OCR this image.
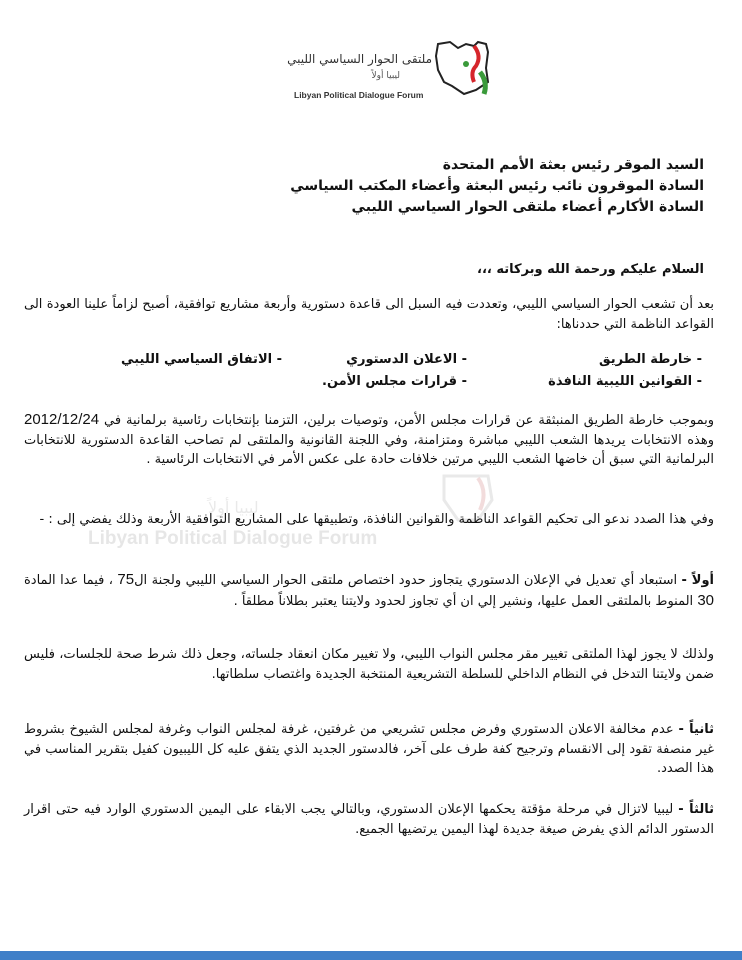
ملتقى الحوار السياسي الليبي
ليبيا أولاً
Libyan Political Dialogue Forum
ليبيا أولاً
Libyan Political Dialogue Forum
السيد الموقر رئيس بعثة الأمم المتحدة
السادة الموقرون نائب رئيس البعثة وأعضاء المكتب السياسي
السادة الأكارم أعضاء ملتقى الحوار السياسي الليبي
السلام عليكم ورحمة الله وبركاته ،،،
بعد أن تشعب الحوار السياسي الليبي، وتعددت فيه السبل الى قاعدة دستورية وأربعة مشاريع توافقية، أصبح لزاماً علينا العودة الى القواعد الناظمة التي حددناها:
- خارطة الطريق
- الاعلان الدستوري
- الاتفاق السياسي الليبي
- القوانين الليبية النافذة
- قرارات مجلس الأمن.
وبموجب خارطة الطريق المنبثقة عن قرارات مجلس الأمن، وتوصيات برلين، التزمنا بإنتخابات رئاسية برلمانية في 2012/12/24 وهذه الانتخابات يريدها الشعب الليبي مباشرة ومتزامنة، وفي اللجنة القانونية والملتقى لم تصاحب القاعدة الدستورية للانتخابات البرلمانية التي سبق أن خاضها الشعب الليبي مرتين خلافات حادة على عكس الأمر في الانتخابات الرئاسية .
وفي هذا الصدد ندعو الى تحكيم القواعد الناظمة والقوانين النافذة، وتطبيقها على المشاريع التوافقية الأربعة وذلك يفضي إلى : -
أولاً - استبعاد أي تعديل في الإعلان الدستوري يتجاوز حدود اختصاص ملتقى الحوار السياسي الليبي ولجنة ال75 ، فيما عدا المادة 30 المنوط بالملتقى العمل عليها، ونشير إلي ان أي تجاوز لحدود ولايتنا يعتبر بطلاناً مطلقاً .
ولذلك لا يجوز لهذا الملتقى تغيير مقر مجلس النواب الليبي، ولا تغيير مكان انعقاد جلساته، وجعل ذلك شرط صحة للجلسات، فليس ضمن ولايتنا التدخل في النظام الداخلي للسلطة التشريعية المنتخبة الجديدة واغتصاب سلطاتها.
ثانياً - عدم مخالفة الاعلان الدستوري وفرض مجلس تشريعي من غرفتين، غرفة لمجلس النواب وغرفة لمجلس الشيوخ بشروط غير منصفة تقود إلى الانقسام وترجيح كفة طرف على آخر، فالدستور الجديد الذي يتفق عليه كل الليبيون كفيل بتقرير المناسب في هذا الصدد.
ثالثاً - ليبيا لاتزال في مرحلة مؤقتة يحكمها الإعلان الدستوري، وبالتالي يجب الابقاء على اليمين الدستوري الوارد فيه حتى اقرار الدستور الدائم الذي يفرض صيغة جديدة لهذا اليمين يرتضيها الجميع.
